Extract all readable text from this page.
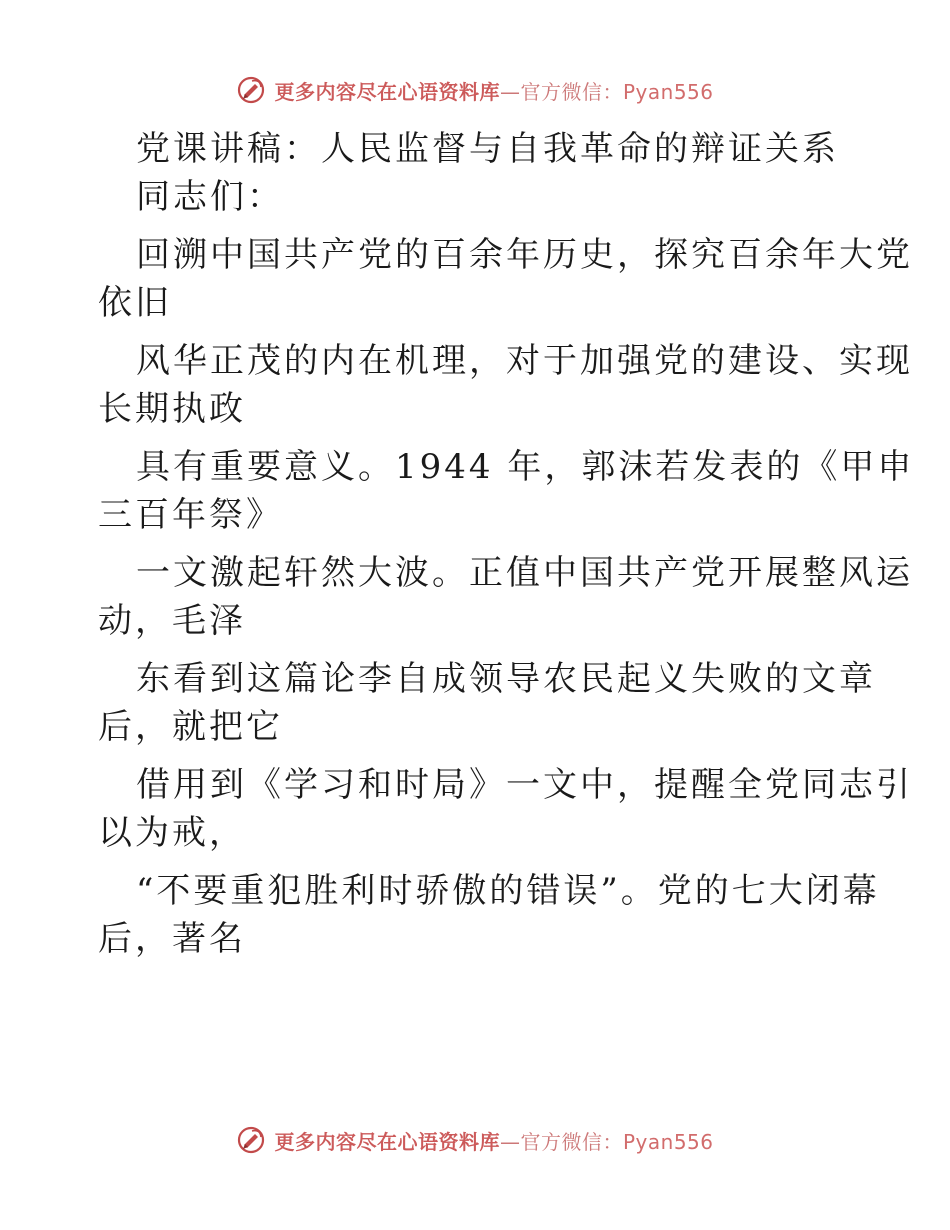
更多内容尽在心语资料库—官方微信：Pyan556

党课讲稿：人民监督与自我革命的辩证关系

同志们：

回溯中国共产党的百余年历史，探究百余年大党

依旧

风华正茂的内在机理，对于加强党的建设、实现

长期执政

具有重要意义。1944 年，郭沫若发表的《甲申

三百年祭》

一文激起轩然大波。正值中国共产党开展整风运

动，毛泽

东看到这篇论李自成领导农民起义失败的文章

后，就把它

借用到《学习和时局》一文中，提醒全党同志引

以为戒，

“不要重犯胜利时骄傲的错误”。党的七大闭幕

后，著名

更多内容尽在心语资料库—官方微信：Pyan556
